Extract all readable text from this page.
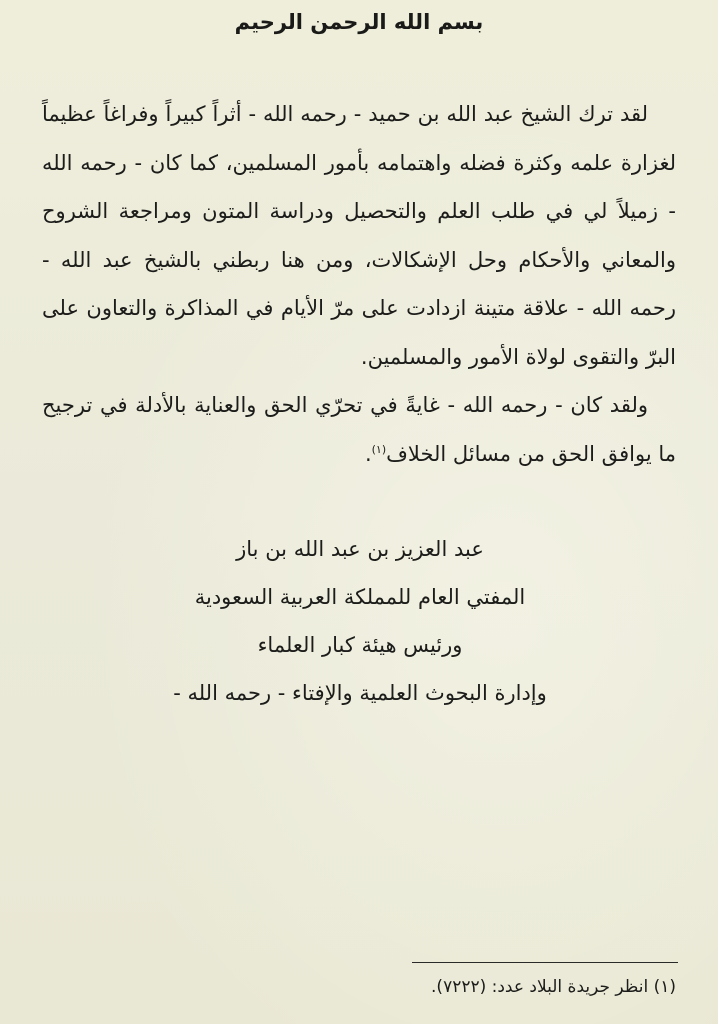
بسم الله الرحمن الرحيم

لقد ترك الشيخ عبد الله بن حميد - رحمه الله - أثراً كبيراً وفراغاً عظيماً لغزارة علمه وكثرة فضله واهتمامه بأمور المسلمين، كما كان - رحمه الله - زميلاً لي في طلب العلم والتحصيل ودراسة المتون ومراجعة الشروح والمعاني والأحكام وحل الإشكالات، ومن هنا ربطني بالشيخ عبد الله - رحمه الله - علاقة متينة ازدادت على مرّ الأيام في المذاكرة والتعاون على البرّ والتقوى لولاة الأمور والمسلمين.

ولقد كان - رحمه الله - غايةً في تحرّي الحق والعناية بالأدلة في ترجيح ما يوافق الحق من مسائل الخلاف$^{(١)}$.

عبد العزيز بن عبد الله بن باز
المفتي العام للمملكة العربية السعودية
ورئيس هيئة كبار العلماء
وإدارة البحوث العلمية والإفتاء - رحمه الله -
(١) انظر جريدة البلاد عدد: (٧٢٢٢).
